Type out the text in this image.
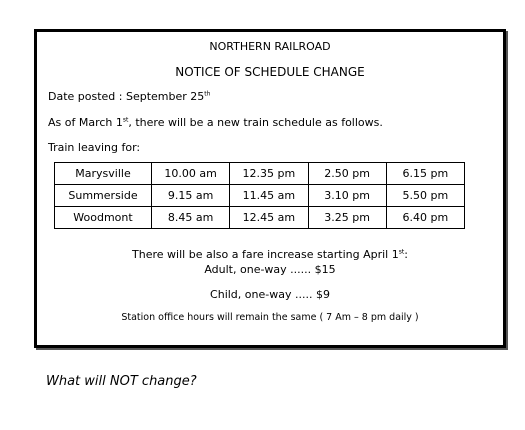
NORTHERN RAILROAD
NOTICE OF SCHEDULE CHANGE
Date posted : September 25th
As of March 1st, there will be a new train schedule as follows.
Train leaving for:
Marysville	10.00 am	12.35 pm	2.50 pm	6.15 pm
Summerside	9.15 am	11.45 am	3.10 pm	5.50 pm
Woodmont	8.45 am	12.45 am	3.25 pm	6.40 pm
There will be also a fare increase starting April 1st:
Adult, one-way ...... $15
Child, one-way ..... $9
Station office hours will remain the same ( 7 Am – 8 pm daily )
What will NOT change?
